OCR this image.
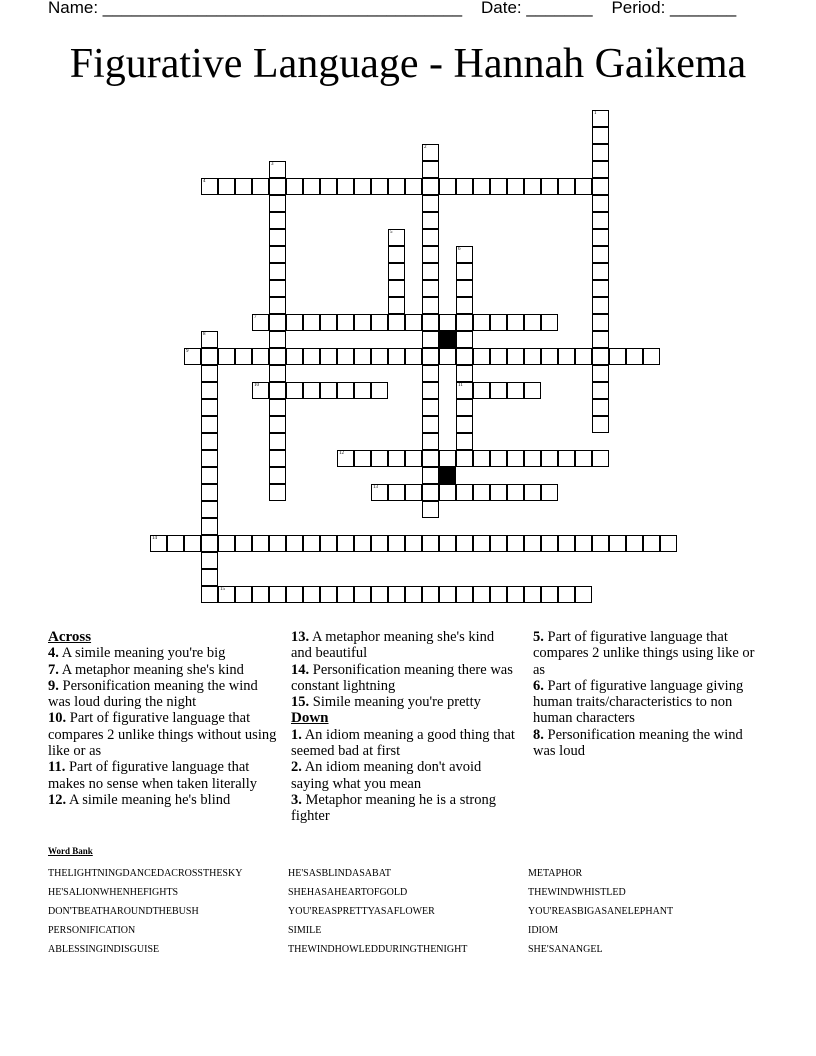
Name: ______________________________________ Date: _______ Period: _______
Figurative Language - Hannah Gaikema
1
2
3
4
5
6
11
7
8
9
10
12
13
14
15
Across
4. A simile meaning you're big
7. A metaphor meaning she's kind
9. Personification meaning the wind was loud during the night
10. Part of figurative language that compares 2 unlike things without using like or as
11. Part of figurative language that makes no sense when taken literally
12. A simile meaning he's blind
13. A metaphor meaning she's kind and beautiful
14. Personification meaning there was constant lightning
15. Simile meaning you're pretty
Down
1. An idiom meaning a good thing that seemed bad at first
2. An idiom meaning don't avoid saying what you mean
3. Metaphor meaning he is a strong fighter
5. Part of figurative language that compares 2 unlike things using like or as
6. Part of figurative language giving human traits/characteristics to non human characters
8. Personification meaning the wind was loud
Word Bank
THELIGHTNINGDANCEDACROSSTHESKY
HE'SALIONWHENHEFIGHTS
DON'TBEATHAROUNDTHEBUSH
PERSONIFICATION
ABLESSINGINDISGUISE
HE'SASBLINDASABAT
SHEHASAHEARTOFGOLD
YOU'REASPRETTYASAFLOWER
SIMILE
THEWINDHOWLEDDURINGTHENIGHT
METAPHOR
THEWINDWHISTLED
YOU'REASBIGASANELEPHANT
IDIOM
SHE'SANANGEL
